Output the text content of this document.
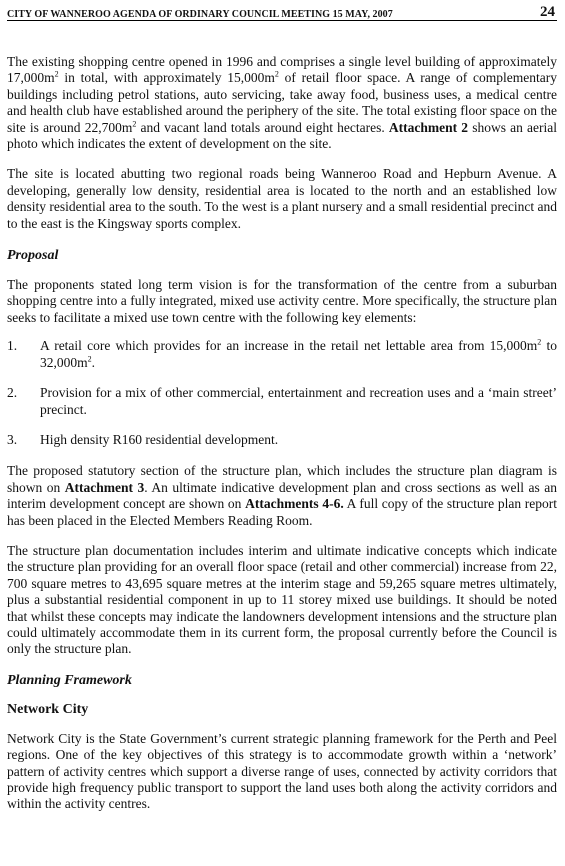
CITY OF WANNEROO AGENDA OF ORDINARY COUNCIL MEETING 15 MAY, 2007	24

The existing shopping centre opened in 1996 and comprises a single level building of approximately $17,000m^2$ in total, with approximately $15,000m^2$ of retail floor space. A range of complementary buildings including petrol stations, auto servicing, take away food, business uses, a medical centre and health club have established around the periphery of the site. The total existing floor space on the site is around $22,700m^2$ and vacant land totals around eight hectares. Attachment 2 shows an aerial photo which indicates the extent of development on the site.

The site is located abutting two regional roads being Wanneroo Road and Hepburn Avenue. A developing, generally low density, residential area is located to the north and an established low density residential area to the south. To the west is a plant nursery and a small residential precinct and to the east is the Kingsway sports complex.

Proposal

The proponents stated long term vision is for the transformation of the centre from a suburban shopping centre into a fully integrated, mixed use activity centre. More specifically, the structure plan seeks to facilitate a mixed use town centre with the following key elements:

1.	A retail core which provides for an increase in the retail net lettable area from $15,000m^2$ to $32,000m^2$.
2.	Provision for a mix of other commercial, entertainment and recreation uses and a ‘main street’ precinct.
3.	High density R160 residential development.

The proposed statutory section of the structure plan, which includes the structure plan diagram is shown on Attachment 3. An ultimate indicative development plan and cross sections as well as an interim development concept are shown on Attachments 4-6. A full copy of the structure plan report has been placed in the Elected Members Reading Room.

The structure plan documentation includes interim and ultimate indicative concepts which indicate the structure plan providing for an overall floor space (retail and other commercial) increase from 22, 700 square metres to 43,695 square metres at the interim stage and 59,265 square metres ultimately, plus a substantial residential component in up to 11 storey mixed use buildings. It should be noted that whilst these concepts may indicate the landowners development intensions and the structure plan could ultimately accommodate them in its current form, the proposal currently before the Council is only the structure plan.

Planning Framework
Network City

Network City is the State Government’s current strategic planning framework for the Perth and Peel regions. One of the key objectives of this strategy is to accommodate growth within a ‘network’ pattern of activity centres which support a diverse range of uses, connected by activity corridors that provide high frequency public transport to support the land uses both along the activity corridors and within the activity centres.
